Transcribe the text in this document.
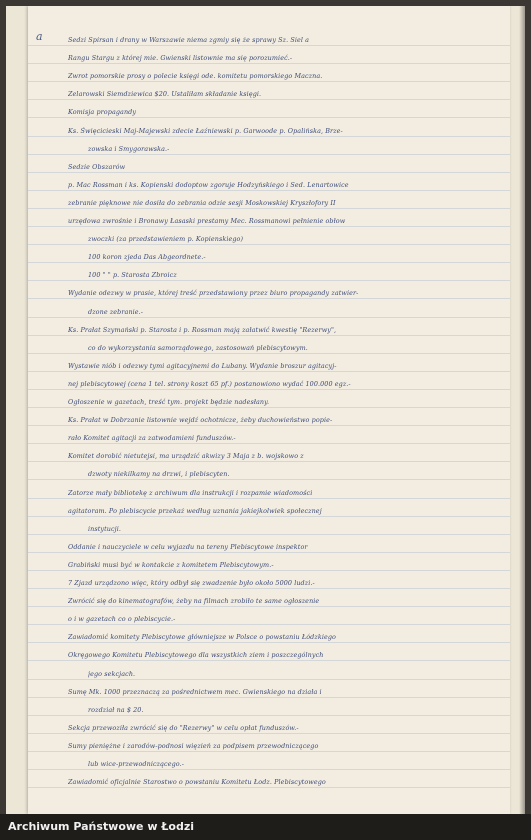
a	Sedzi Spirsan i drany w Warszawie niema zgmiy się że sprawy Sz. Siel a
Rangu Stargu z której mie. Gwienski listownie ma się porozumieć.-
Zwrot pomorskie prosy o polecie księgi ode. komitetu pomorskiego Maczna.
Zelarowski Siemdziewica $20. Ustaliłam składanie księgi.
Komisja propagandy
Ks. Święcicieski Maj-Majewski zdecie Łaźniewski p. Garwoode p. Opalińska, Brze-
zowska i Smygorawska.-
Sedzie Obszarów
p. Mac Rossman i ks. Kopienski dodoptow zgoruje Hodzyńskiego i Sed. Lenartowice
zebranie pięknowe nie dosiła do zebrania odzie sesji Moskowskiej Kryszłofory II
urzędowa zwrośnie i Bronawy Łasaski prestamy Mec. Rossmanowi pełnienie obłow
zwoczki (za przedstawieniem p. Kopienskiego)
100 koron zjeda Das Abgeordnete.-
100 " " p. Starosta Zbroicz
Wydanie odezwy w prasie, której treść przedstawiony przez biuro propagandy zatwier-
dzone zebranie.-
Ks. Prałat Szymański p. Starosta i p. Rossman mają załatwić kwestię "Rezerwy",
co do wykorzystania samorządowego, zastosowań plebiscytowym.
Wystawie niób i odezwy tymi agitacyjnemi do Lubany. Wydanie broszur agitacyj-
nej plebiscytowej (cena 1 tel. strony koszt 65 pf.) postanowiono wydać 100.000 egz.-
Ogłoszenie w gazetach, treść tym. projekt będzie nadesłany.
Ks. Prałat w Dobrzanie listownie wejdź ochotnicze, żeby duchowieństwo popie-
rało Komitet agitacji za zatwodamieni funduszów.-
Komitet dorobić nietutejsi, ma urządzić akwizy 3 Maja z b. wojskowo z
dzwoty niekilkamy na drzwi, i plebiscyten.
Zatorze mały bibliotekę z archiwum dla instrukcji i rozpamie wiadomości
agitatoram. Po plebiscycie przekaż według uznania jakiejkolwiek społecznej
instytucji.
Oddanie i nauczyciele w celu wyjazdu na tereny Plebiscytowe inspektor
Grabiński musi być w kontakcie z komitetem Plebiscytowym.-
7 Zjazd urządzono więc, który odbył się zwadzenie było około 5000 ludzi.-
Zwrócić się do kinematografów, żeby na filmach zrobiło te same ogłoszenie
o i w gazetach co o plebiscycie.-
Zawiadomić komitety Plebiscytowe główniejsze w Polsce o powstaniu Łódzkiego
Okręgowego Komitetu Plebiscytowego dla wszystkich ziem i poszczególnych
jego sekcjach.
Sumę Mk. 1000 przeznaczą za pośrednictwem mec. Gwienskiego na działa i
rozdział na $ 20.
Sekcja przewoziła zwrócić się do "Rezerwy" w celu opłat funduszów.-
Sumy pieniężne i zarodów-podnosi więzień za podpisem przewodniczącego
lub wice-przewodniczącego.-
Zawiadomić oficjalnie Starostwo o powstaniu Komitetu Łodz. Plebiscytowego
Archiwum Państwowe w Łodzi
